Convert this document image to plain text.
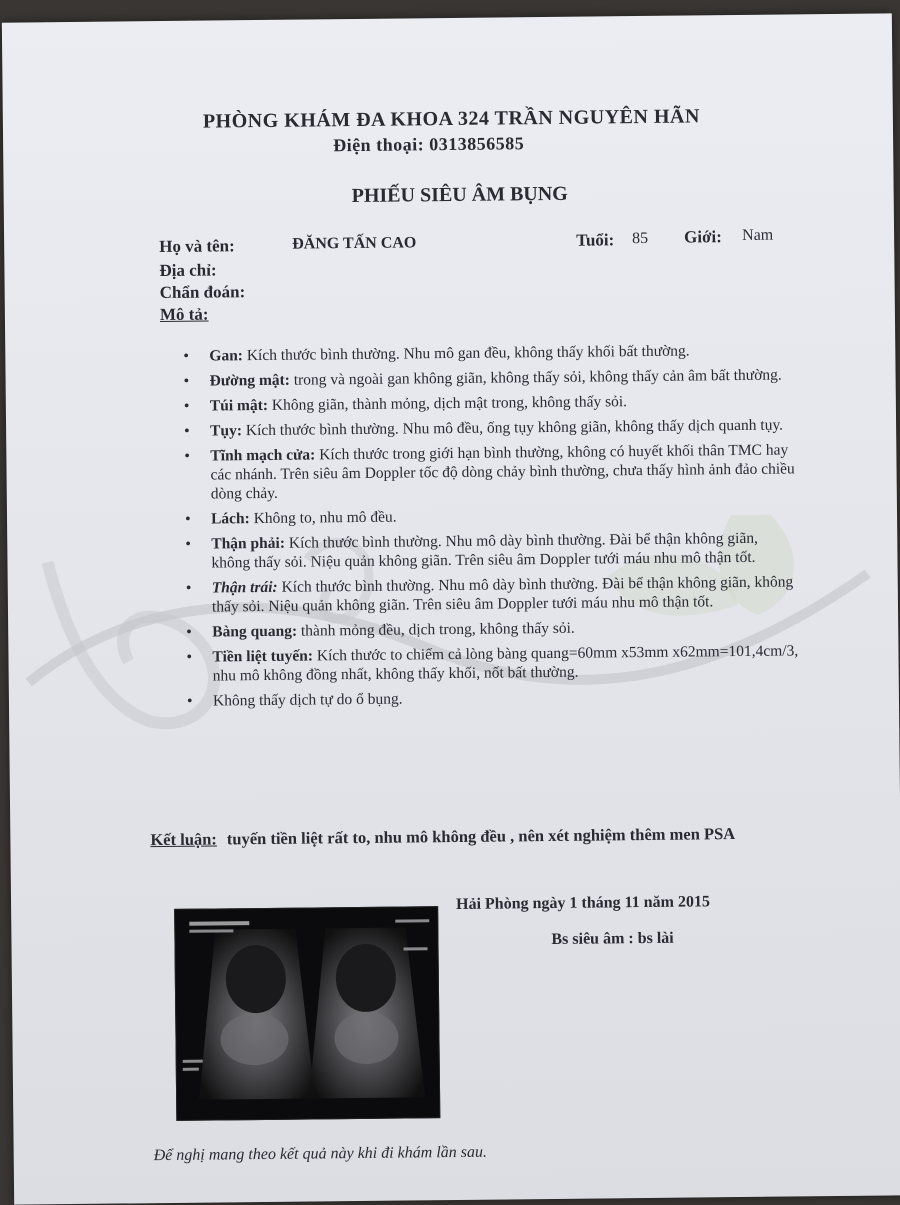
PHÒNG KHÁM ĐA KHOA 324 TRẦN NGUYÊN HÃN
Điện thoại: 0313856585
PHIẾU SIÊU ÂM BỤNG
Họ và tên:	ĐĂNG TẤN CAO	Tuổi: 85 Giới: Nam
Địa chỉ:
Chẩn đoán:
Mô tả:
• Gan: Kích thước bình thường. Nhu mô gan đều, không thấy khối bất thường.
• Đường mật: trong và ngoài gan không giãn, không thấy sỏi, không thấy cản âm bất thường.
• Túi mật: Không giãn, thành mỏng, dịch mật trong, không thấy sỏi.
• Tụy: Kích thước bình thường. Nhu mô đều, ống tụy không giãn, không thấy dịch quanh tụy.
• Tĩnh mạch cửa: Kích thước trong giới hạn bình thường, không có huyết khối thân TMC hay các nhánh. Trên siêu âm Doppler tốc độ dòng chảy bình thường, chưa thấy hình ảnh đảo chiều dòng chảy.
• Lách: Không to, nhu mô đều.
• Thận phải: Kích thước bình thường. Nhu mô dày bình thường. Đài bể thận không giãn, không thấy sỏi. Niệu quản không giãn. Trên siêu âm Doppler tưới máu nhu mô thận tốt.
• Thận trái: Kích thước bình thường. Nhu mô dày bình thường. Đài bể thận không giãn, không thấy sỏi. Niệu quản không giãn. Trên siêu âm Doppler tưới máu nhu mô thận tốt.
• Bàng quang: thành mỏng đều, dịch trong, không thấy sỏi.
• Tiền liệt tuyến: Kích thước to chiếm cả lòng bàng quang=60mm x53mm x62mm=101,4cm/3, nhu mô không đồng nhất, không thấy khối, nốt bất thường.
• Không thấy dịch tự do ổ bụng.
Kết luận: tuyến tiền liệt rất to, nhu mô không đều , nên xét nghiệm thêm men PSA
Hải Phòng ngày 1 tháng 11 năm 2015
Bs siêu âm : bs lài
Để nghị mang theo kết quả này khi đi khám lần sau.
